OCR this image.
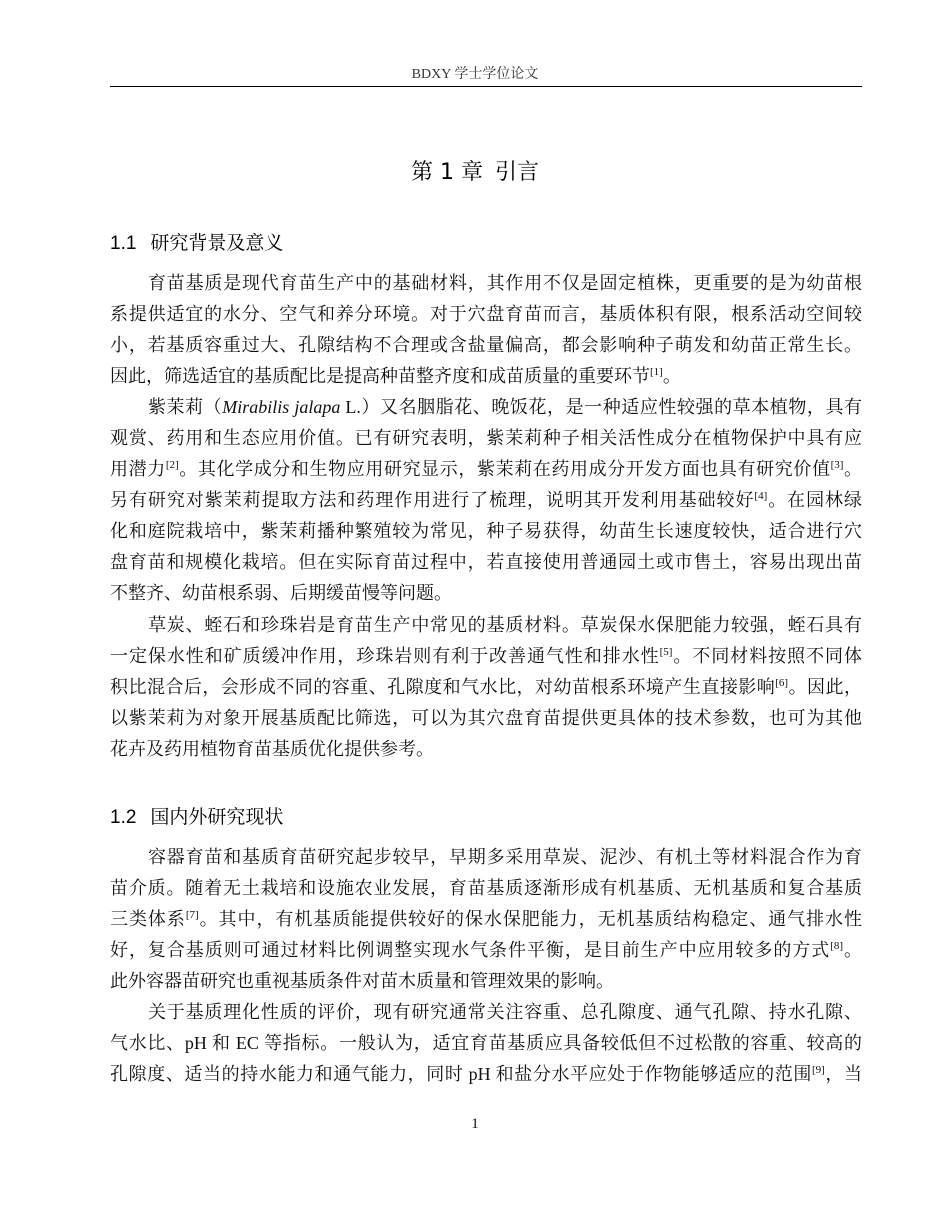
BDXY 学士学位论文
第 1 章 引言
1.1 研究背景及意义
育苗基质是现代育苗生产中的基础材料，其作用不仅是固定植株，更重要的是为幼苗根
系提供适宜的水分、空气和养分环境。对于穴盘育苗而言，基质体积有限，根系活动空间较
小，若基质容重过大、孔隙结构不合理或含盐量偏高，都会影响种子萌发和幼苗正常生长。
因此，筛选适宜的基质配比是提高种苗整齐度和成苗质量的重要环节[1]。
紫茉莉（Mirabilis jalapa L.）又名胭脂花、晚饭花，是一种适应性较强的草本植物，具有
观赏、药用和生态应用价值。已有研究表明，紫茉莉种子相关活性成分在植物保护中具有应
用潜力[2]。其化学成分和生物应用研究显示，紫茉莉在药用成分开发方面也具有研究价值[3]。
另有研究对紫茉莉提取方法和药理作用进行了梳理，说明其开发利用基础较好[4]。在园林绿
化和庭院栽培中，紫茉莉播种繁殖较为常见，种子易获得，幼苗生长速度较快，适合进行穴
盘育苗和规模化栽培。但在实际育苗过程中，若直接使用普通园土或市售土，容易出现出苗
不整齐、幼苗根系弱、后期缓苗慢等问题。
草炭、蛭石和珍珠岩是育苗生产中常见的基质材料。草炭保水保肥能力较强，蛭石具有
一定保水性和矿质缓冲作用，珍珠岩则有利于改善通气性和排水性[5]。不同材料按照不同体
积比混合后，会形成不同的容重、孔隙度和气水比，对幼苗根系环境产生直接影响[6]。因此，
以紫茉莉为对象开展基质配比筛选，可以为其穴盘育苗提供更具体的技术参数，也可为其他
花卉及药用植物育苗基质优化提供参考。
1.2 国内外研究现状
容器育苗和基质育苗研究起步较早，早期多采用草炭、泥沙、有机土等材料混合作为育
苗介质。随着无土栽培和设施农业发展，育苗基质逐渐形成有机基质、无机基质和复合基质
三类体系[7]。其中，有机基质能提供较好的保水保肥能力，无机基质结构稳定、通气排水性
好，复合基质则可通过材料比例调整实现水气条件平衡，是目前生产中应用较多的方式[8]。
此外容器苗研究也重视基质条件对苗木质量和管理效果的影响。
关于基质理化性质的评价，现有研究通常关注容重、总孔隙度、通气孔隙、持水孔隙、
气水比、pH 和 EC 等指标。一般认为，适宜育苗基质应具备较低但不过松散的容重、较高的
孔隙度、适当的持水能力和通气能力，同时 pH 和盐分水平应处于作物能够适应的范围[9]，当
1
